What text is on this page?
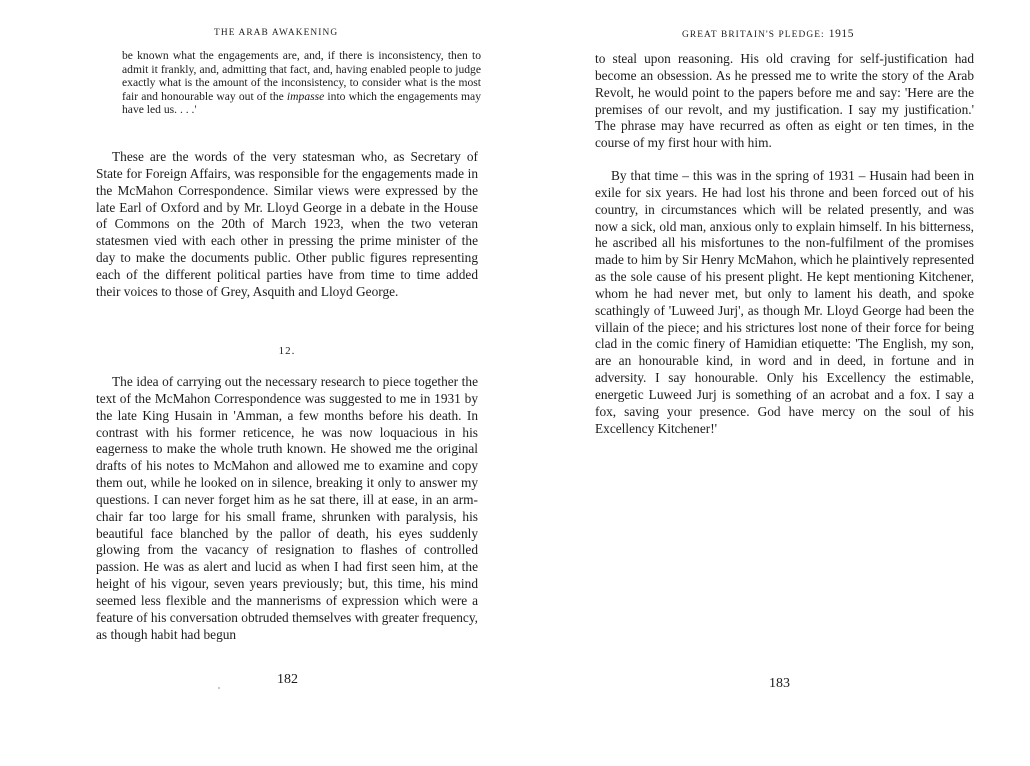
THE ARAB AWAKENING

be known what the engagements are, and, if there is inconsistency, then to admit it frankly, and, admitting that fact, and, having enabled people to judge exactly what is the amount of the inconsistency, to consider what is the most fair and honourable way out of the impasse into which the engagements may have led us. . . .'

These are the words of the very statesman who, as Secretary of State for Foreign Affairs, was responsible for the engagements made in the McMahon Correspondence. Similar views were expressed by the late Earl of Oxford and by Mr. Lloyd George in a debate in the House of Commons on the 20th of March 1923, when the two veteran statesmen vied with each other in pressing the prime minister of the day to make the documents public. Other public figures representing each of the different political parties have from time to time added their voices to those of Grey, Asquith and Lloyd George.

12.

The idea of carrying out the necessary research to piece together the text of the McMahon Correspondence was suggested to me in 1931 by the late King Husain in 'Amman, a few months before his death. In contrast with his former reticence, he was now loquacious in his eagerness to make the whole truth known. He showed me the original drafts of his notes to McMahon and allowed me to examine and copy them out, while he looked on in silence, breaking it only to answer my questions. I can never forget him as he sat there, ill at ease, in an arm-chair far too large for his small frame, shrunken with paralysis, his beautiful face blanched by the pallor of death, his eyes suddenly glowing from the vacancy of resignation to flashes of controlled passion. He was as alert and lucid as when I had first seen him, at the height of his vigour, seven years previously; but, this time, his mind seemed less flexible and the mannerisms of expression which were a feature of his conversation obtruded themselves with greater frequency, as though habit had begun

182
GREAT BRITAIN'S PLEDGE: 1915

to steal upon reasoning. His old craving for self-justification had become an obsession. As he pressed me to write the story of the Arab Revolt, he would point to the papers before me and say: 'Here are the premises of our revolt, and my justification. I say my justification.' The phrase may have recurred as often as eight or ten times, in the course of my first hour with him.

By that time – this was in the spring of 1931 – Husain had been in exile for six years. He had lost his throne and been forced out of his country, in circumstances which will be related presently, and was now a sick, old man, anxious only to explain himself. In his bitterness, he ascribed all his misfortunes to the non-fulfilment of the promises made to him by Sir Henry McMahon, which he plaintively represented as the sole cause of his present plight. He kept mentioning Kitchener, whom he had never met, but only to lament his death, and spoke scathingly of 'Luweed Jurj', as though Mr. Lloyd George had been the villain of the piece; and his strictures lost none of their force for being clad in the comic finery of Hamidian etiquette: 'The English, my son, are an honourable kind, in word and in deed, in fortune and in adversity. I say honourable. Only his Excellency the estimable, energetic Luweed Jurj is something of an acrobat and a fox. I say a fox, saving your presence. God have mercy on the soul of his Excellency Kitchener!'

183
